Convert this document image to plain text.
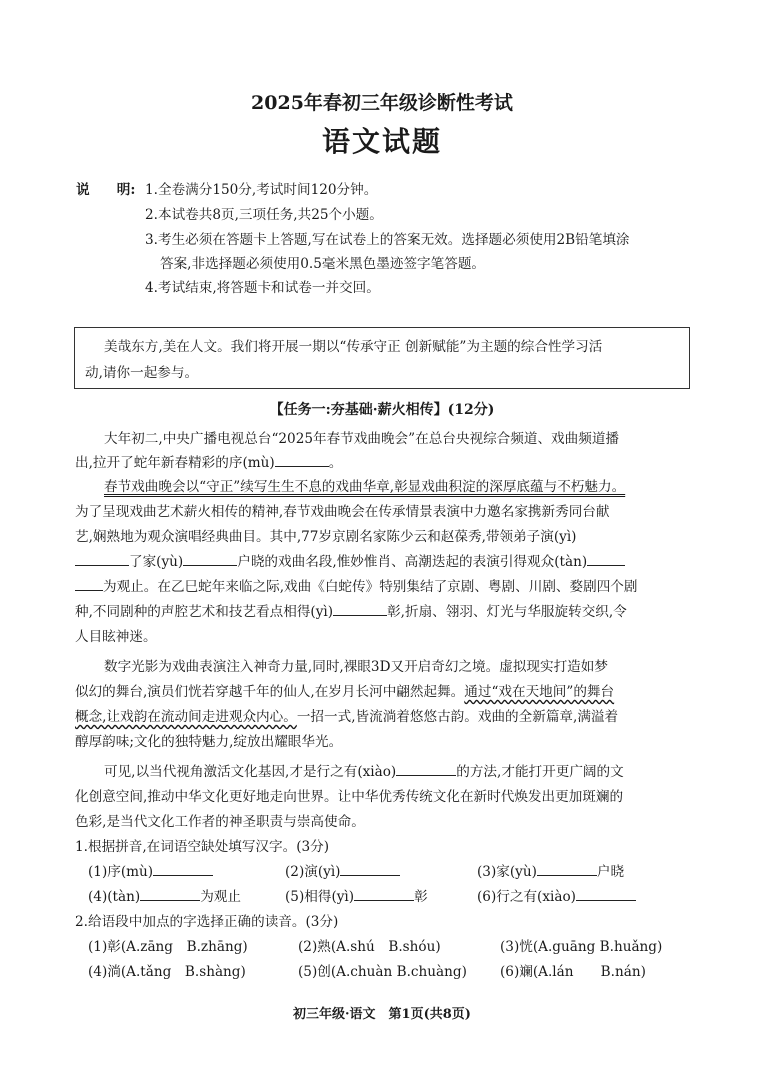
2025年春初三年级诊断性考试
语文试题
说　　明: 1.全卷满分150分,考试时间120分钟。
2.本试卷共8页,三项任务,共25个小题。
3.考生必须在答题卡上答题,写在试卷上的答案无效。选择题必须使用2B铅笔填涂
答案,非选择题必须使用0.5毫米黑色墨迹签字笔答题。
4.考试结束,将答题卡和试卷一并交回。
美哉东方,美在人文。我们将开展一期以“传承守正 创新赋能”为主题的综合性学习活
动,请你一起参与。
【任务一:夯基础·薪火相传】(12分)
大年初二,中央广播电视总台“2025年春节戏曲晚会”在总台央视综合频道、戏曲频道播
出,拉开了蛇年新春精彩的序(mù)	。
春节戏曲晚会以“守正”续写生生不息的戏曲华章,彰显戏曲积淀的深厚底蕴与不朽魅力。
为了呈现戏曲艺术薪火相传的精神,春节戏曲晚会在传承情景表演中力邀名家携新秀同台献
艺,娴熟地为观众演唱经典曲目。其中,77岁京剧名家陈少云和赵葆秀,带领弟子演(yì)
了家(yù)	户晓的戏曲名段,惟妙惟肖、高潮迭起的表演引得观众(tàn)
为观止。在乙巳蛇年来临之际,戏曲《白蛇传》特别集结了京剧、粤剧、川剧、婺剧四个剧
种,不同剧种的声腔艺术和技艺看点相得(yì)	彰,折扇、翎羽、灯光与华服旋转交织,令
人目眩神迷。
数字光影为戏曲表演注入神奇力量,同时,裸眼3D又开启奇幻之境。虚拟现实打造如梦
似幻的舞台,演员们恍若穿越千年的仙人,在岁月长河中翩然起舞。通过“戏在天地间”的舞台
概念,让戏韵在流动间走进观众内心。一招一式,皆流淌着悠悠古韵。戏曲的全新篇章,满溢着
醇厚韵味;文化的独特魅力,绽放出耀眼华光。
可见,以当代视角激活文化基因,才是行之有(xiào)	的方法,才能打开更广阔的文
化创意空间,推动中华文化更好地走向世界。让中华优秀传统文化在新时代焕发出更加斑斓的
色彩,是当代文化工作者的神圣职责与崇高使命。
1.根据拼音,在词语空缺处填写汉字。(3分)
(1)序(mù)	(2)演(yì)	(3)家(yù)	户晓
(4)(tàn)	为观止	(5)相得(yì)	彰	(6)行之有(xiào)
2.给语段中加点的字选择正确的读音。(3分)
(1)彰(A.zāng　B.zhāng)	(2)熟(A.shú　B.shóu)	(3)恍(A.guāng B.huǎng)
(4)淌(A.tǎng　B.shàng)	(5)创(A.chuàn B.chuàng) (6)斓(A.lán　　B.nán)
初三年级·语文　第1页(共8页)
